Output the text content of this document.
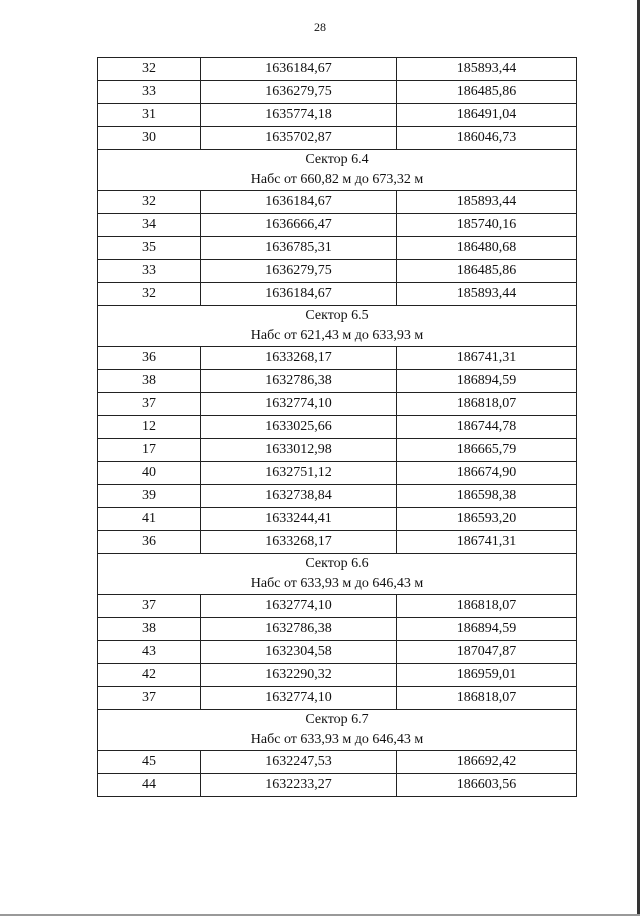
28
32	1636184,67	185893,44
33	1636279,75	186485,86
31	1635774,18	186491,04
30	1635702,87	186046,73

Сектор 6.4
Набс от 660,82 м до 673,32 м		

32	1636184,67	185893,44
34	1636666,47	185740,16
35	1636785,31	186480,68
33	1636279,75	186485,86
32	1636184,67	185893,44

Сектор 6.5
Набс от 621,43 м до 633,93 м		

36	1633268,17	186741,31
38	1632786,38	186894,59
37	1632774,10	186818,07
12	1633025,66	186744,78
17	1633012,98	186665,79
40	1632751,12	186674,90
39	1632738,84	186598,38
41	1633244,41	186593,20
36	1633268,17	186741,31

Сектор 6.6
Набс от 633,93 м до 646,43 м		

37	1632774,10	186818,07
38	1632786,38	186894,59
43	1632304,58	187047,87
42	1632290,32	186959,01
37	1632774,10	186818,07

Сектор 6.7
Набс от 633,93 м до 646,43 м		

45	1632247,53	186692,42
44	1632233,27	186603,56
